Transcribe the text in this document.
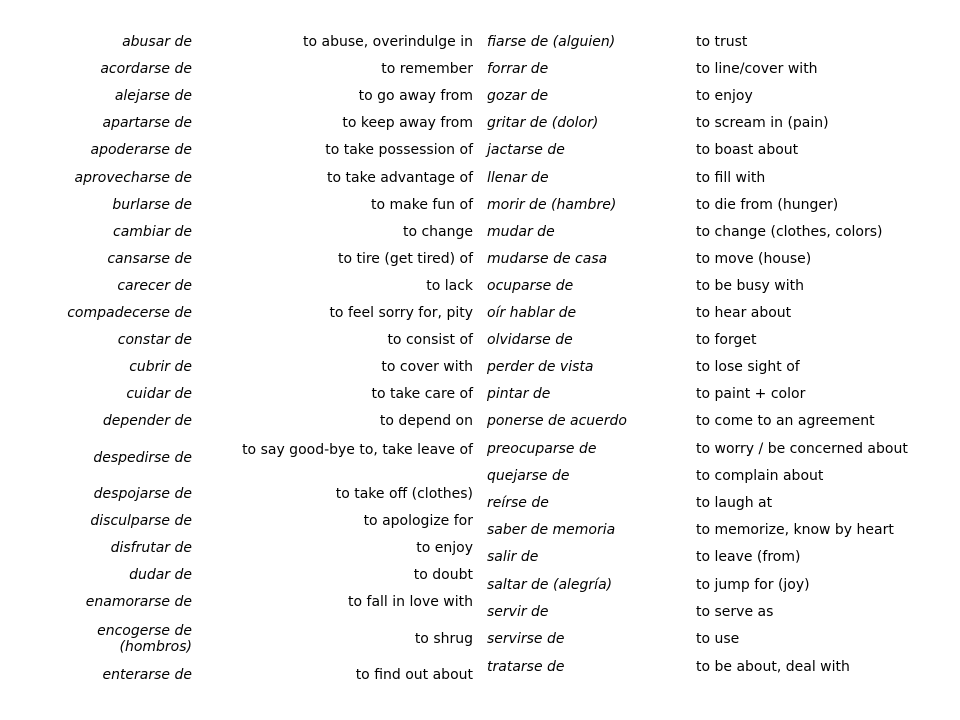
abusar de	to abuse, overindulge in
acordarse de	to remember
alejarse de	to go away from
apartarse de	to keep away from
apoderarse de	to take possession of
aprovecharse de	to take advantage of
burlarse de	to make fun of
cambiar de	to change
cansarse de	to tire (get tired) of
carecer de	to lack
compadecerse de	to feel sorry for, pity
constar de	to consist of
cubrir de	to cover with
cuidar de	to take care of
depender de	to depend on
despedirse de	to say good-bye to, take leave of
despojarse de	to take off (clothes)
disculparse de	to apologize for
disfrutar de	to enjoy
dudar de	to doubt
enamorarse de	to fall in love with
encogerse de (hombros)	to shrug
enterarse de	to find out about
fiarse de (alguien)	to trust
forrar de	to line/cover with
gozar de	to enjoy
gritar de (dolor)	to scream in (pain)
jactarse de	to boast about
llenar de	to fill with
morir de (hambre)	to die from (hunger)
mudar de	to change (clothes, colors)
mudarse de casa	to move (house)
ocuparse de	to be busy with
oír hablar de	to hear about
olvidarse de	to forget
perder de vista	to lose sight of
pintar de	to paint + color
ponerse de acuerdo	to come to an agreement
preocuparse de	to worry / be concerned about
quejarse de	to complain about
reírse de	to laugh at
saber de memoria	to memorize, know by heart
salir de	to leave (from)
saltar de (alegría)	to jump for (joy)
servir de	to serve as
servirse de	to use
tratarse de	to be about, deal with
